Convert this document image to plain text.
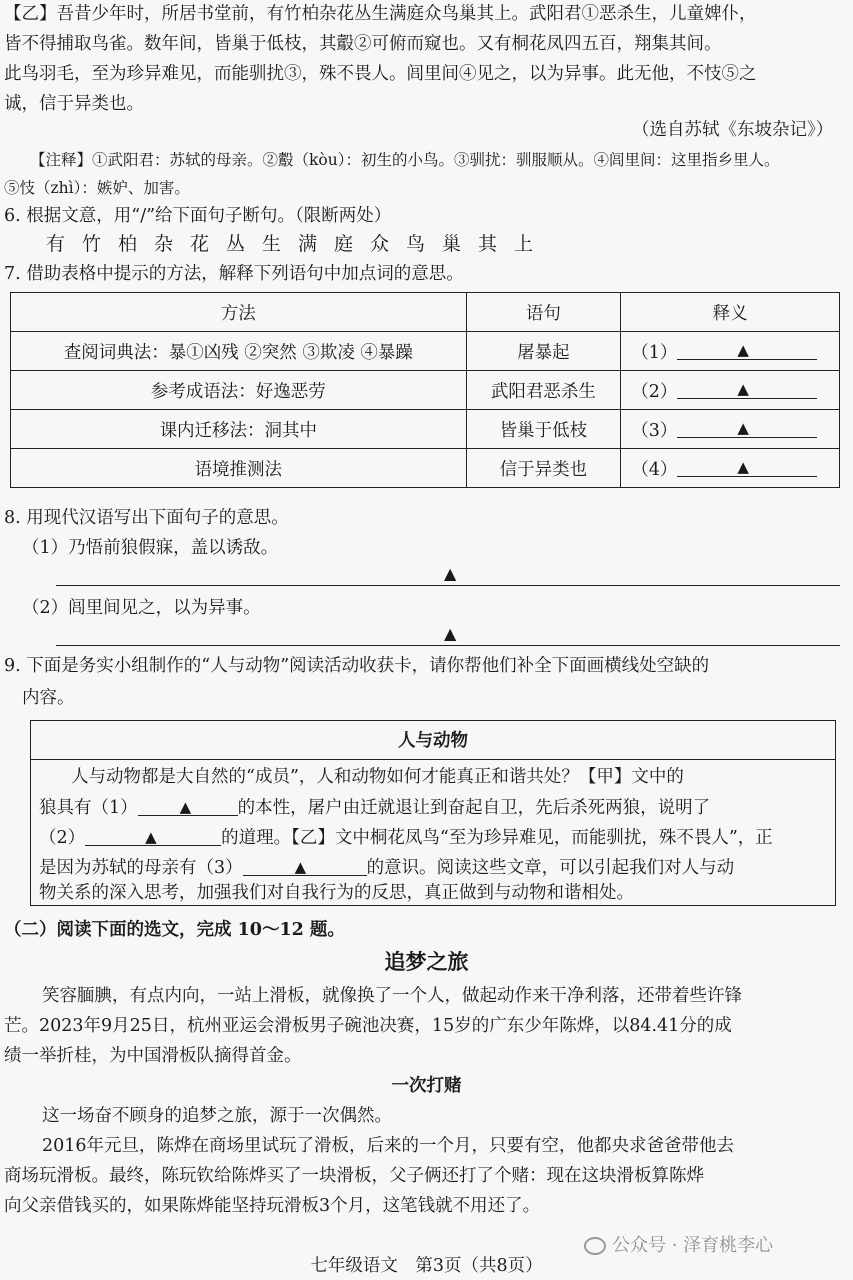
【乙】吾昔少年时，所居书堂前，有竹柏杂花丛生满庭众鸟巢其上。武阳君①恶杀生，儿童婢仆，
皆不得捕取鸟雀。数年间，皆巢于低枝，其鷇②可俯而窥也。又有桐花凤四五百，翔集其间。
此鸟羽毛，至为珍异难见，而能驯扰③，殊不畏人。闾里间④见之，以为异事。此无他，不忮⑤之
诚，信于异类也。
（选自苏轼《东坡杂记》）
【注释】①武阳君：苏轼的母亲。②鷇（kòu）：初生的小鸟。③驯扰：驯服顺从。④闾里间：这里指乡里人。
⑤忮（zhì）：嫉妒、加害。
6. 根据文意，用“/”给下面句子断句。（限断两处）
有竹柏杂花丛生满庭众鸟巢其上
7. 借助表格中提示的方法，解释下列语句中加点词的意思。
方法	语句	释义
查阅词典法：暴①凶残 ②突然 ③欺凌 ④暴躁	屠暴起	（1） ▲

参考成语法：好逸恶劳	武阳君恶杀生	（2） ▲

课内迁移法：洞其中	皆巢于低枝	（3） ▲

语境推测法	信于异类也	（4） ▲
8. 用现代汉语写出下面句子的意思。
（1）乃悟前狼假寐，盖以诱敌。
▲
（2）闾里间见之，以为异事。
▲
9. 下面是务实小组制作的“人与动物”阅读活动收获卡，请你帮他们补全下面画横线处空缺的
内容。
人与动物
人与动物都是大自然的“成员”，人和动物如何才能真正和谐共处？【甲】文中的
狼具有（1）	▲	的本性，屠户由迁就退让到奋起自卫，先后杀死两狼，说明了
（2）	▲	的道理。【乙】文中桐花凤鸟“至为珍异难见，而能驯扰，殊不畏人”，正
是因为苏轼的母亲有（3）	▲	的意识。阅读这些文章，可以引起我们对人与动
物关系的深入思考，加强我们对自我行为的反思，真正做到与动物和谐相处。
（二）阅读下面的选文，完成 10～12 题。
追梦之旅
笑容腼腆，有点内向，一站上滑板，就像换了一个人，做起动作来干净利落，还带着些许锋
芒。2023年9月25日，杭州亚运会滑板男子碗池决赛，15岁的广东少年陈烨，以84.41分的成
绩一举折桂，为中国滑板队摘得首金。
一次打赌
这一场奋不顾身的追梦之旅，源于一次偶然。
2016年元旦，陈烨在商场里试玩了滑板，后来的一个月，只要有空，他都央求爸爸带他去
商场玩滑板。最终，陈玩钦给陈烨买了一块滑板，父子俩还打了个赌：现在这块滑板算陈烨
向父亲借钱买的，如果陈烨能坚持玩滑板3个月，这笔钱就不用还了。
公众号 · 泽育桃李心
七年级语文　第3页（共8页）
